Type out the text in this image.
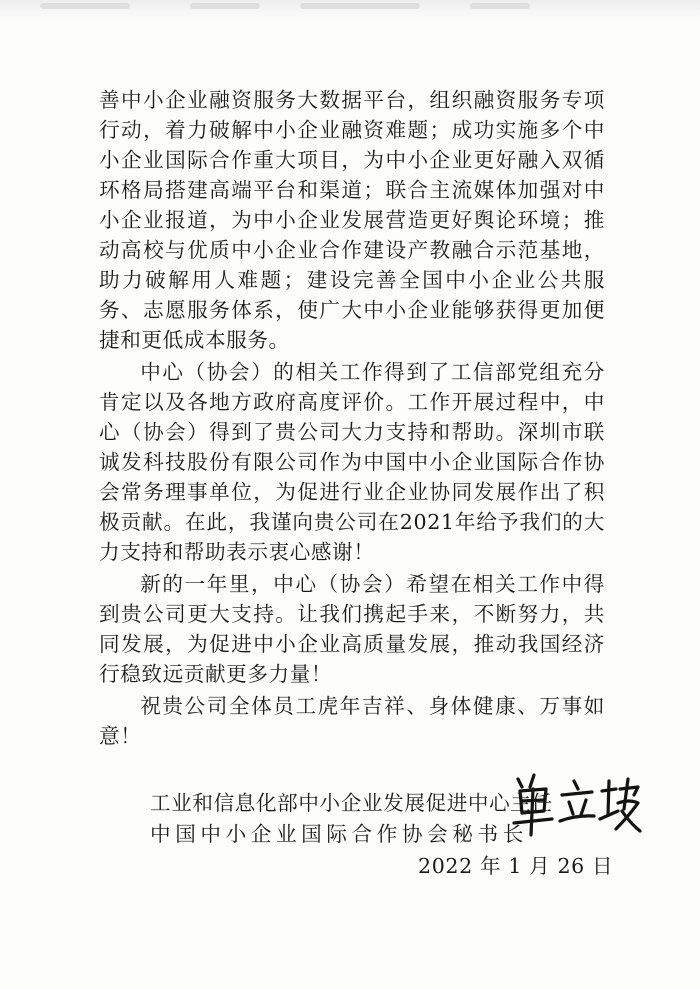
善中小企业融资服务大数据平台，组织融资服务专项行动，着力破解中小企业融资难题；成功实施多个中小企业国际合作重大项目，为中小企业更好融入双循环格局搭建高端平台和渠道；联合主流媒体加强对中小企业报道，为中小企业发展营造更好舆论环境；推动高校与优质中小企业合作建设产教融合示范基地，助力破解用人难题；建设完善全国中小企业公共服务、志愿服务体系，使广大中小企业能够获得更加便捷和更低成本服务。

中心（协会）的相关工作得到了工信部党组充分肯定以及各地方政府高度评价。工作开展过程中，中心（协会）得到了贵公司大力支持和帮助。深圳市联诚发科技股份有限公司作为中国中小企业国际合作协会常务理事单位，为促进行业企业协同发展作出了积极贡献。在此，我谨向贵公司在2021年给予我们的大力支持和帮助表示衷心感谢！

新的一年里，中心（协会）希望在相关工作中得到贵公司更大支持。让我们携起手来，不断努力，共同发展，为促进中小企业高质量发展，推动我国经济行稳致远贡献更多力量！

祝贵公司全体员工虎年吉祥、身体健康、万事如意！

工业和信息化部中小企业发展促进中心主任
中国中小企业国际合作协会秘书长
2022 年 1 月 26 日
